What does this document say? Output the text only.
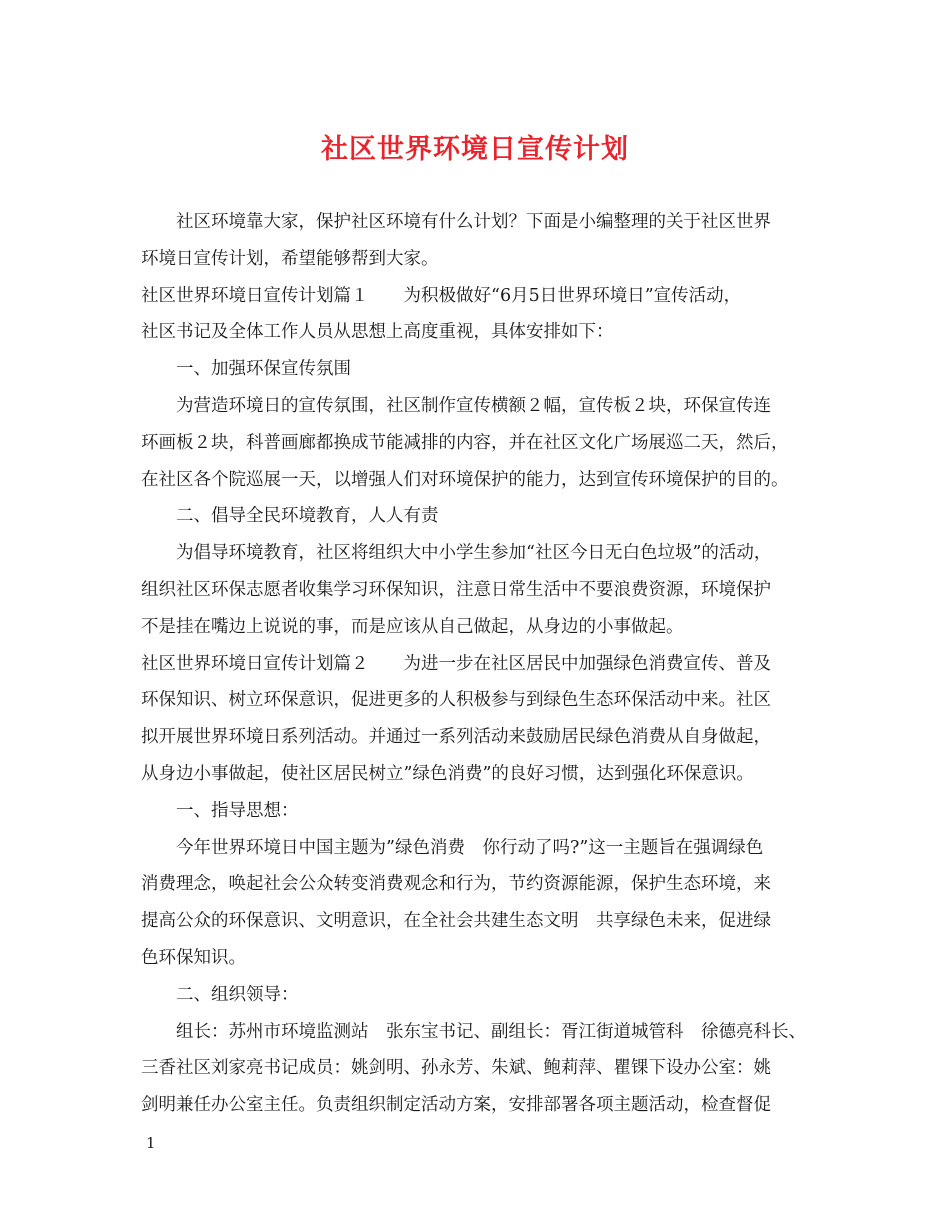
社区世界环境日宣传计划
社区环境靠大家，保护社区环境有什么计划？下面是小编整理的关于社区世界
环境日宣传计划，希望能够帮到大家。
社区世界环境日宣传计划篇１　　为积极做好“6月5日世界环境日”宣传活动，
社区书记及全体工作人员从思想上高度重视，具体安排如下：
一、加强环保宣传氛围
为营造环境日的宣传氛围，社区制作宣传横额２幅，宣传板２块，环保宣传连
环画板２块，科普画廊都换成节能减排的内容，并在社区文化广场展巡二天，然后，
在社区各个院巡展一天，以增强人们对环境保护的能力，达到宣传环境保护的目的。
二、倡导全民环境教育，人人有责
为倡导环境教育，社区将组织大中小学生参加“社区今日无白色垃圾”的活动，
组织社区环保志愿者收集学习环保知识，注意日常生活中不要浪费资源，环境保护
不是挂在嘴边上说说的事，而是应该从自己做起，从身边的小事做起。
社区世界环境日宣传计划篇２　　为进一步在社区居民中加强绿色消费宣传、普及
环保知识、树立环保意识，促进更多的人积极参与到绿色生态环保活动中来。社区
拟开展世界环境日系列活动。并通过一系列活动来鼓励居民绿色消费从自身做起，
从身边小事做起，使社区居民树立”绿色消费”的良好习惯，达到强化环保意识。
一、指导思想：
今年世界环境日中国主题为”绿色消费　你行动了吗?”这一主题旨在强调绿色
消费理念，唤起社会公众转变消费观念和行为，节约资源能源，保护生态环境，来
提高公众的环保意识、文明意识，在全社会共建生态文明　共享绿色未来，促进绿
色环保知识。
二、组织领导：
组长：苏州市环境监测站　张东宝书记、副组长：胥江街道城管科　徐德亮科长、
三香社区刘家亮书记成员：姚剑明、孙永芳、朱斌、鲍莉萍、瞿锞下设办公室：姚
剑明兼任办公室主任。负责组织制定活动方案，安排部署各项主题活动，检查督促
1
